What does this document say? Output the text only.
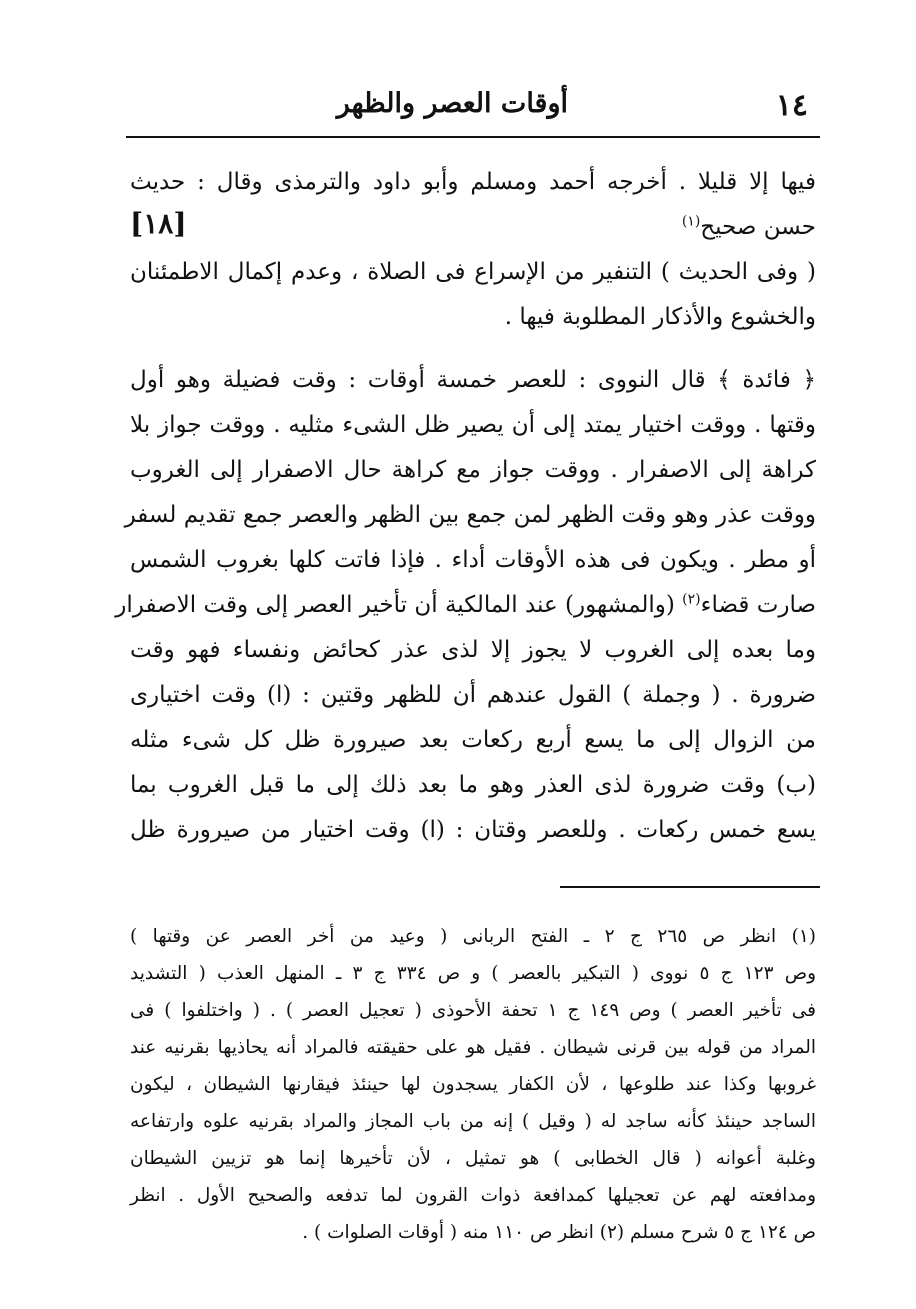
١٤
أوقات العصر والظهر

فيها إلا قليلا . أخرجه أحمد ومسلم وأبو داود والترمذى وقال : حديث

حسن صحيح$^{(١)}$
[١٨]

( وفى الحديث ) التنفير من الإسراع فى الصلاة ، وعدم إكمال الاطمئنان
والخشوع والأذكار المطلوبة فيها .

﴿ فائدة ﴾ قال النووى : للعصر خمسة أوقات : وقت فضيلة وهو أول
وقتها . ووقت اختيار يمتد إلى أن يصير ظل الشىء مثليه . ووقت جواز بلا
كراهة إلى الاصفرار . ووقت جواز مع كراهة حال الاصفرار إلى الغروب
ووقت عذر وهو وقت الظهر لمن جمع بين الظهر والعصر جمع تقديم لسفر
أو مطر . ويكون فى هذه الأوقات أداء . فإذا فاتت كلها بغروب الشمس
صارت قضاء$^{(٢)}$ (والمشهور) عند المالكية أن تأخير العصر إلى وقت الاصفرار
وما بعده إلى الغروب لا يجوز إلا لذى عذر كحائض ونفساء فهو وقت
ضرورة . ( وجملة ) القول عندهم أن للظهر وقتين : (ا) وقت اختيارى
من الزوال إلى ما يسع أربع ركعات بعد صيرورة ظل كل شىء مثله
(ب) وقت ضرورة لذى العذر وهو ما بعد ذلك إلى ما قبل الغروب بما
يسع خمس ركعات . وللعصر وقتان : (ا) وقت اختيار من صيرورة ظل

(١) انظر ص ٢٦٥ ج ٢ ـ الفتح الربانى ( وعيد من أخر العصر عن وقتها )
وص ١٢٣ ج ٥ نووى ( التبكير بالعصر ) و ص ٣٣٤ ج ٣ ـ المنهل العذب ( التشديد
فى تأخير العصر ) وص ١٤٩ ج ١ تحفة الأحوذى ( تعجيل العصر ) . ( واختلفوا ) فى
المراد من قوله بين قرنى شيطان . فقيل هو على حقيقته فالمراد أنه يحاذيها بقرنيه عند
غروبها وكذا عند طلوعها ، لأن الكفار يسجدون لها حينئذ فيقارنها الشيطان ، ليكون
الساجد حينئذ كأنه ساجد له ( وقيل ) إنه من باب المجاز والمراد بقرنيه علوه وارتفاعه
وغلبة أعوانه ( قال الخطابى ) هو تمثيل ، لأن تأخيرها إنما هو تزيين الشيطان
ومدافعته لهم عن تعجيلها كمدافعة ذوات القرون لما تدفعه والصحيح الأول . انظر
ص ١٢٤ ج ٥ شرح مسلم (٢) انظر ص ١١٠ منه ( أوقات الصلوات ) .
